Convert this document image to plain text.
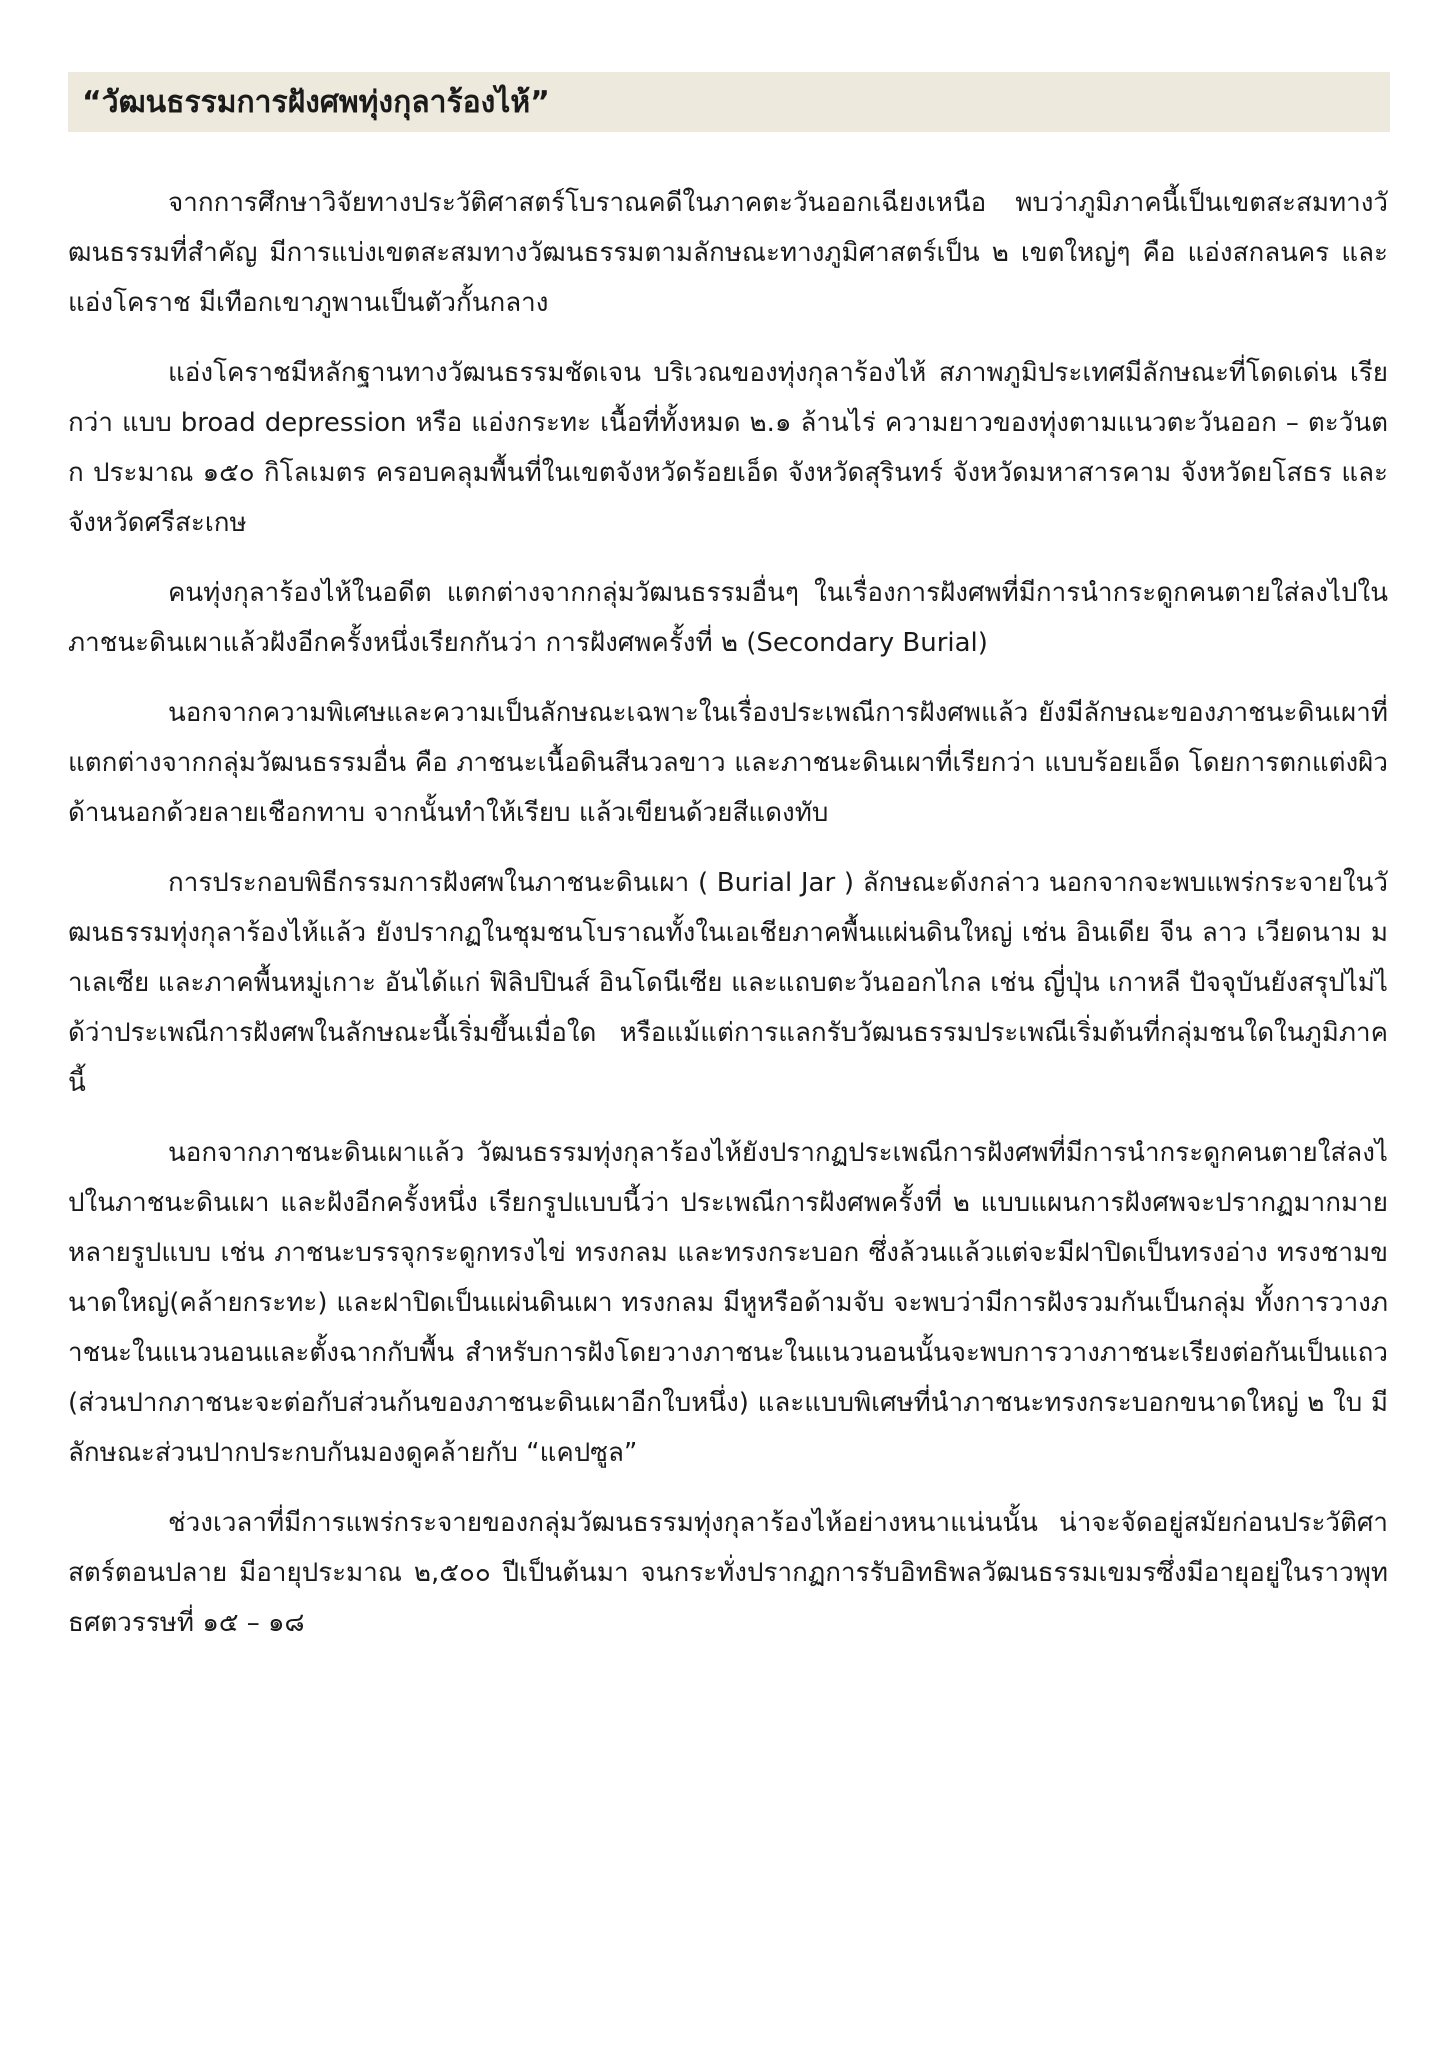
“วัฒนธรรมการฝังศพทุ่งกุลาร้องไห้”

จากการศึกษาวิจัยทางประวัติศาสตร์โบราณคดีในภาคตะวันออกเฉียงเหนือ พบว่าภูมิภาคนี้เป็นเขตสะสมทางวัฒนธรรมที่สำคัญ มีการแบ่งเขตสะสมทางวัฒนธรรมตามลักษณะทางภูมิศาสตร์เป็น ๒ เขตใหญ่ๆ คือ แอ่งสกลนคร และ แอ่งโคราช มีเทือกเขาภูพานเป็นตัวกั้นกลาง

แอ่งโคราชมีหลักฐานทางวัฒนธรรมชัดเจน บริเวณของทุ่งกุลาร้องไห้ สภาพภูมิประเทศมีลักษณะที่โดดเด่น เรียกว่า แบบ broad depression หรือ แอ่งกระทะ เนื้อที่ทั้งหมด ๒.๑ ล้านไร่ ความยาวของทุ่งตามแนวตะวันออก – ตะวันตก ประมาณ ๑๕๐ กิโลเมตร ครอบคลุมพื้นที่ในเขตจังหวัดร้อยเอ็ด จังหวัดสุรินทร์ จังหวัดมหาสารคาม จังหวัดยโสธร และจังหวัดศรีสะเกษ

คนทุ่งกุลาร้องไห้ในอดีต แตกต่างจากกลุ่มวัฒนธรรมอื่นๆ ในเรื่องการฝังศพที่มีการนำกระดูกคนตายใส่ลงไปในภาชนะดินเผาแล้วฝังอีกครั้งหนึ่งเรียกกันว่า การฝังศพครั้งที่ ๒ (Secondary Burial)

นอกจากความพิเศษและความเป็นลักษณะเฉพาะในเรื่องประเพณีการฝังศพแล้ว ยังมีลักษณะของภาชนะดินเผาที่แตกต่างจากกลุ่มวัฒนธรรมอื่น คือ ภาชนะเนื้อดินสีนวลขาว และภาชนะดินเผาที่เรียกว่า แบบร้อยเอ็ด โดยการตกแต่งผิวด้านนอกด้วยลายเชือกทาบ จากนั้นทำให้เรียบ แล้วเขียนด้วยสีแดงทับ

การประกอบพิธีกรรมการฝังศพในภาชนะดินเผา ( Burial Jar ) ลักษณะดังกล่าว นอกจากจะพบแพร่กระจายในวัฒนธรรมทุ่งกุลาร้องไห้แล้ว ยังปรากฏในชุมชนโบราณทั้งในเอเชียภาคพื้นแผ่นดินใหญ่ เช่น อินเดีย จีน ลาว เวียดนาม มาเลเซีย และภาคพื้นหมู่เกาะ อันได้แก่ ฟิลิปปินส์ อินโดนีเซีย และแถบตะวันออกไกล เช่น ญี่ปุ่น เกาหลี ปัจจุบันยังสรุปไม่ได้ว่าประเพณีการฝังศพในลักษณะนี้เริ่มขึ้นเมื่อใด หรือแม้แต่การแลกรับวัฒนธรรมประเพณีเริ่มต้นที่กลุ่มชนใดในภูมิภาคนี้

นอกจากภาชนะดินเผาแล้ว วัฒนธรรมทุ่งกุลาร้องไห้ยังปรากฏประเพณีการฝังศพที่มีการนำกระดูกคนตายใส่ลงไปในภาชนะดินเผา และฝังอีกครั้งหนึ่ง เรียกรูปแบบนี้ว่า ประเพณีการฝังศพครั้งที่ ๒ แบบแผนการฝังศพจะปรากฏมากมายหลายรูปแบบ เช่น ภาชนะบรรจุกระดูกทรงไข่ ทรงกลม และทรงกระบอก ซึ่งล้วนแล้วแต่จะมีฝาปิดเป็นทรงอ่าง ทรงชามขนาดใหญ่(คล้ายกระทะ) และฝาปิดเป็นแผ่นดินเผา ทรงกลม มีหูหรือด้ามจับ จะพบว่ามีการฝังรวมกันเป็นกลุ่ม ทั้งการวางภาชนะในแนวนอนและตั้งฉากกับพื้น สำหรับการฝังโดยวางภาชนะในแนวนอนนั้นจะพบการวางภาชนะเรียงต่อกันเป็นแถว (ส่วนปากภาชนะจะต่อกับส่วนก้นของภาชนะดินเผาอีกใบหนึ่ง) และแบบพิเศษที่นำภาชนะทรงกระบอกขนาดใหญ่ ๒ ใบ มีลักษณะส่วนปากประกบกันมองดูคล้ายกับ “แคปซูล”

ช่วงเวลาที่มีการแพร่กระจายของกลุ่มวัฒนธรรมทุ่งกุลาร้องไห้อย่างหนาแน่นนั้น น่าจะจัดอยู่สมัยก่อนประวัติศาสตร์ตอนปลาย มีอายุประมาณ ๒,๕๐๐ ปีเป็นต้นมา จนกระทั่งปรากฏการรับอิทธิพลวัฒนธรรมเขมรซึ่งมีอายุอยู่ในราวพุทธศตวรรษที่ ๑๕ – ๑๘
